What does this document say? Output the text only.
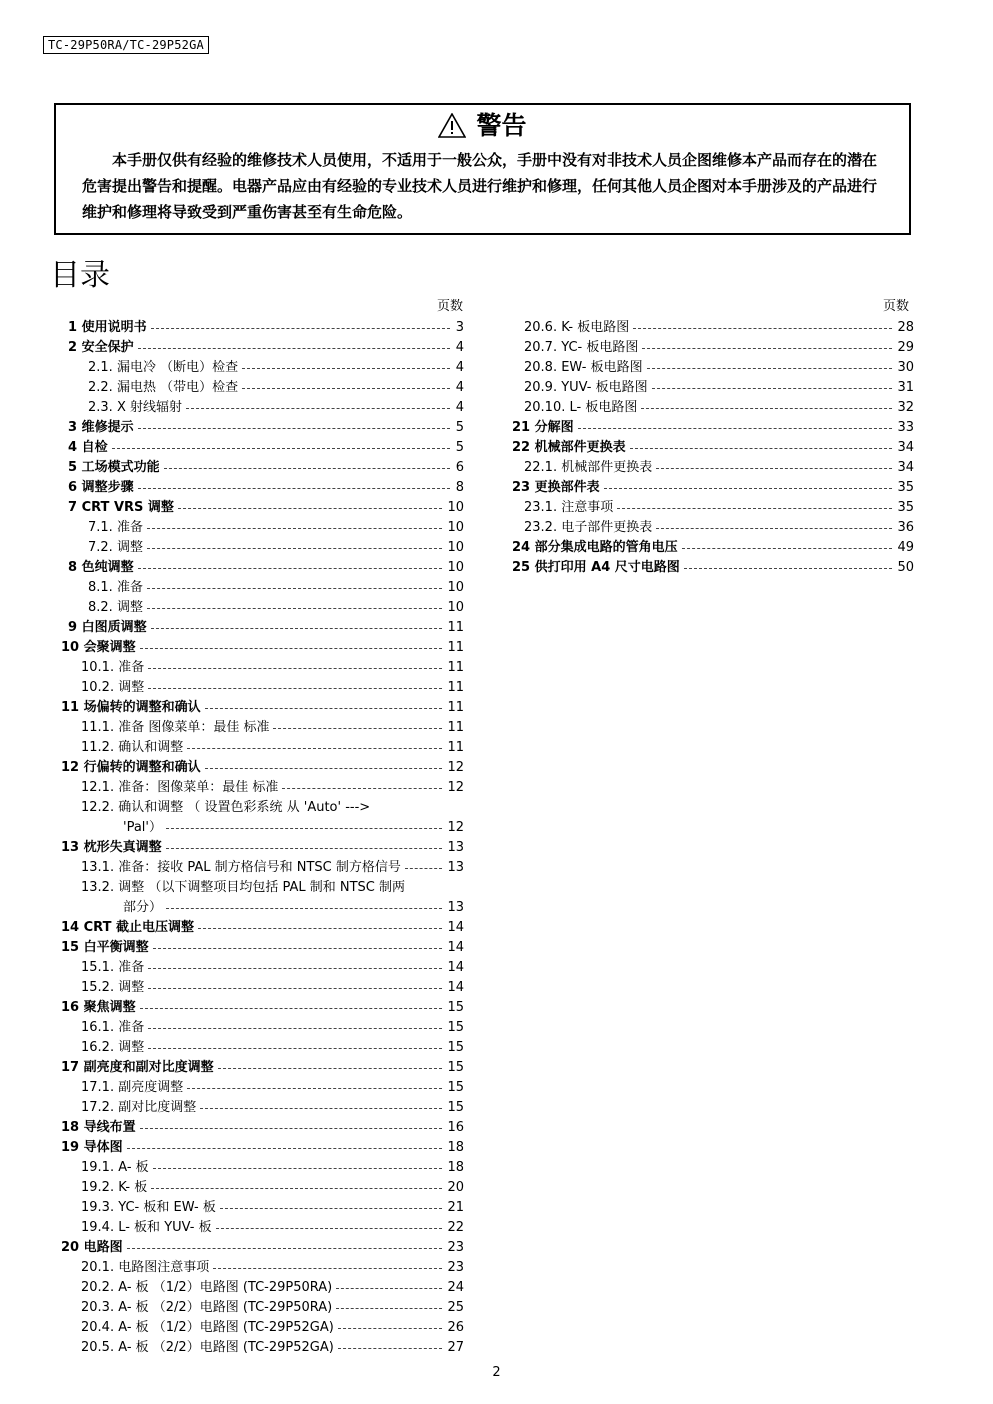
TC-29P50RA/TC-29P52GA
警告
本手册仅供有经验的维修技术人员使用，不适用于一般公众，手册中没有对非技术人员企图维修本产品而存在的潜在危害提出警告和提醒。电器产品应由有经验的专业技术人员进行维护和修理，任何其他人员企图对本手册涉及的产品进行维护和修理将导致受到严重伤害甚至有生命危险。
目录
页数	页数
1 使用说明书	3
2 安全保护	4
2.1. 漏电冷 （断电）检查	4
2.2. 漏电热 （带电）检查	4
2.3. X 射线辐射	4
3 维修提示	5
4 自检	5
5 工场模式功能	6
6 调整步骤	8
7 CRT VRS 调整	10
7.1. 准备	10
7.2. 调整	10
8 色纯调整	10
8.1. 准备	10
8.2. 调整	10
9 白图质调整	11
10 会聚调整	11
10.1. 准备	11
10.2. 调整	11
11 场偏转的调整和确认	11
11.1. 准备 图像菜单：最佳 标准	11
11.2. 确认和调整	11
12 行偏转的调整和确认	12
12.1. 准备：图像菜单：最佳 标准	12
12.2. 确认和调整 （ 设置色彩系统 从 'Auto' --->
'Pal'）	12
13 枕形失真调整	13
13.1. 准备：接收 PAL 制方格信号和 NTSC 制方格信号	13
13.2. 调整 （以下调整项目均包括 PAL 制和 NTSC 制两
部分）	13
14 CRT 截止电压调整	14
15 白平衡调整	14
15.1. 准备	14
15.2. 调整	14
16 聚焦调整	15
16.1. 准备	15
16.2. 调整	15
17 副亮度和副对比度调整	15
17.1. 副亮度调整	15
17.2. 副对比度调整	15
18 导线布置	16
19 导体图	18
19.1. A- 板	18
19.2. K- 板	20
19.3. YC- 板和 EW- 板	21
19.4. L- 板和 YUV- 板	22
20 电路图	23
20.1. 电路图注意事项	23
20.2. A- 板 （1/2）电路图 (TC-29P50RA)	24
20.3. A- 板 （2/2）电路图 (TC-29P50RA)	25
20.4. A- 板 （1/2）电路图 (TC-29P52GA)	26
20.5. A- 板 （2/2）电路图 (TC-29P52GA)	27
20.6. K- 板电路图	28
20.7. YC- 板电路图	29
20.8. EW- 板电路图	30
20.9. YUV- 板电路图	31
20.10. L- 板电路图	32
21 分解图	33
22 机械部件更换表	34
22.1. 机械部件更换表	34
23 更换部件表	35
23.1. 注意事项	35
23.2. 电子部件更换表	36
24 部分集成电路的管角电压	49
25 供打印用 A4 尺寸电路图	50
2
